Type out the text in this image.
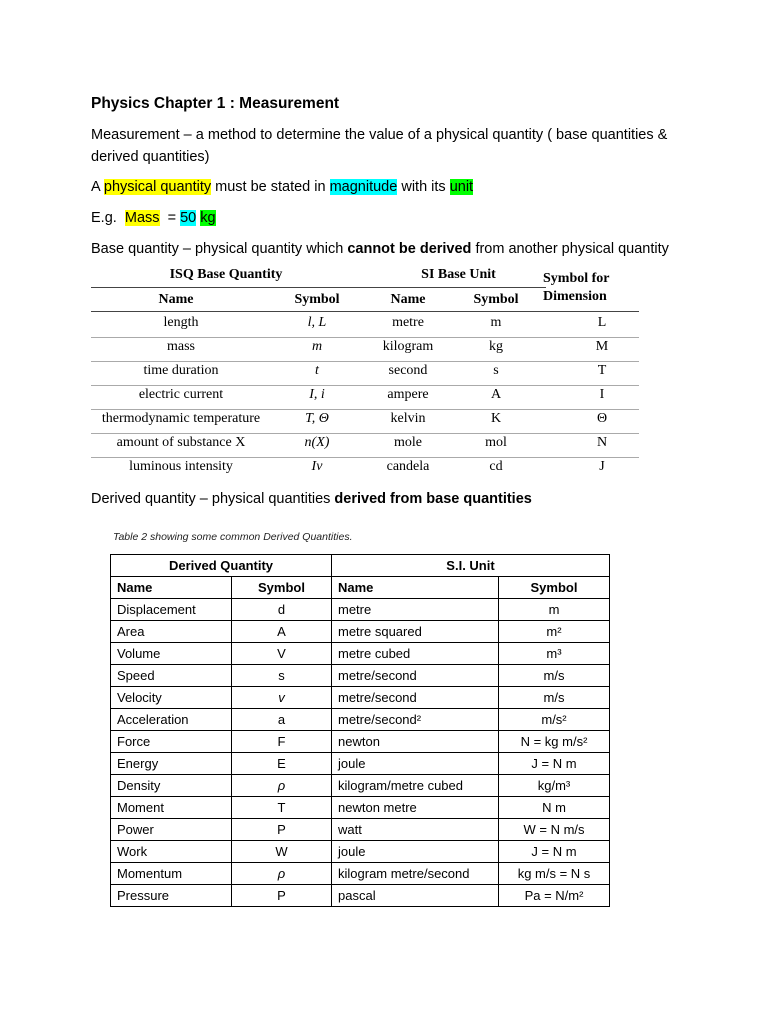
Physics Chapter 1 : Measurement
Measurement – a method to determine the value of a physical quantity ( base quantities &
derived quantities)
A physical quantity must be stated in magnitude with its unit
E.g.  Mass  = 50 kg
Base quantity – physical quantity which cannot be derived from another physical quantity
ISQ Base Quantity	SI Base Unit	Symbol for
Dimension
Name	Symbol	Name	Symbol
length	l, L	metre	m	L
mass	m	kilogram	kg	M
time duration	t	second	s	T
electric current	I, i	ampere	A	I
thermodynamic temperature	T, Θ	kelvin	K	Θ
amount of substance X	n(X)	mole	mol	N
luminous intensity	Iv	candela	cd	J
Derived quantity – physical quantities derived from base quantities
Table 2 showing some common Derived Quantities.
Derived Quantity		S.I. Unit	
Name	Symbol	Name	Symbol
Displacement	d	metre	m
Area	A	metre squared	m²
Volume	V	metre cubed	m³
Speed	s	metre/second	m/s
Velocity	v	metre/second	m/s
Acceleration	a	metre/second²	m/s²
Force	F	newton	N = kg m/s²
Energy	E	joule	J = N m
Density	ρ	kilogram/metre cubed	kg/m³
Moment	T	newton metre	N m
Power	P	watt	W = N m/s
Work	W	joule	J = N m
Momentum	ρ	kilogram metre/second	kg m/s = N s
Pressure	P	pascal	Pa = N/m²
